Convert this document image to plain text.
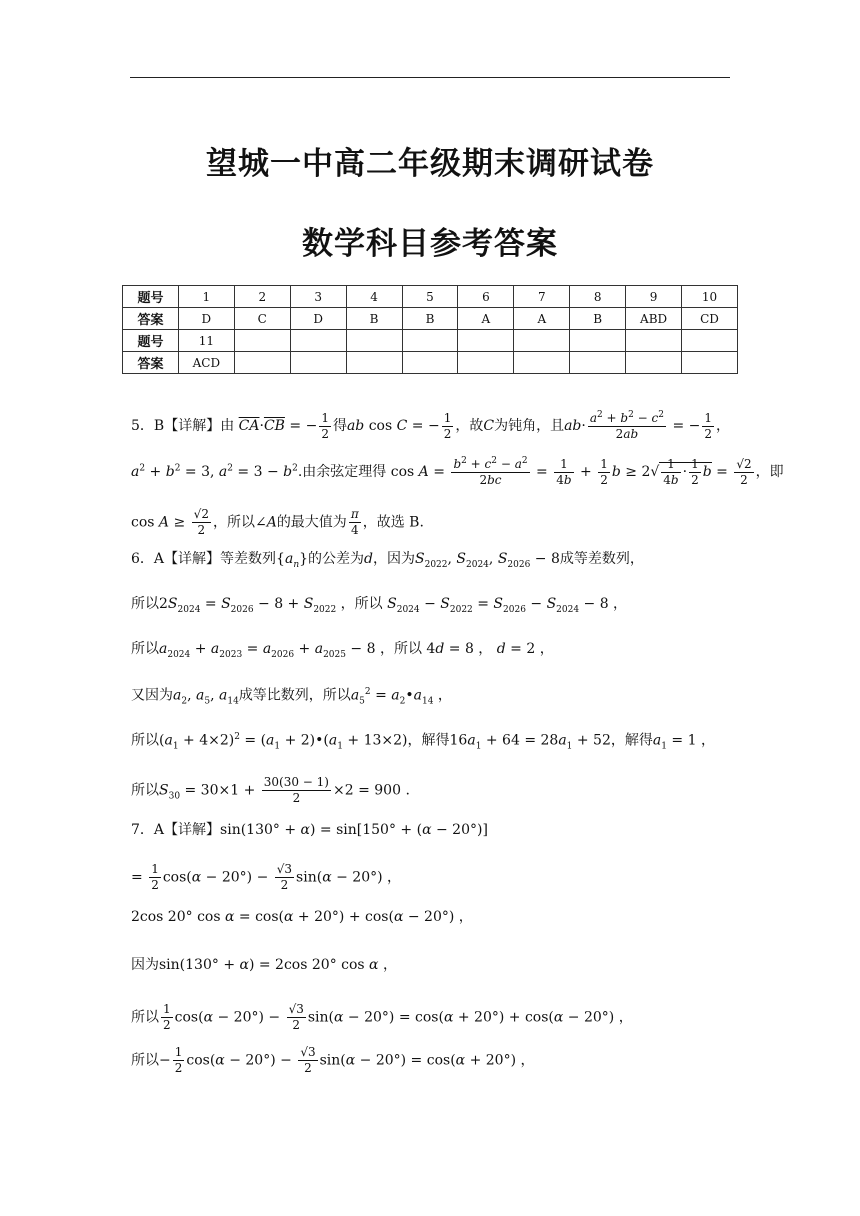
望城一中高二年级期末调研试卷
数学科目参考答案
题号	1	2	3	4	5	6	7	8	9	10
答案	D	C	D	B	B	A	A	B	ABD	CD
题号	11									
答案	ACD									
5．B【详解】由 $\overline{CA}\cdot\overline{CB}$ = − $\frac{1}{2}$ 得ab cos C = − $\frac{1}{2}$ ，故C为钝角，且$ab\cdot \frac{a^2 + b^2 - c^2}{2ab}$ = − $\frac{1}{2}$ ，
$a^2 + b^2 = 3$, $a^2 = 3 - b^2$.由余弦定理得 $\cos A = \frac{b^2 + c^2 - a^2}{2bc} = \frac{1}{4b} + \frac{1}{2}$ $b \ge 2√ \frac{1}{4b} \cdot \frac{1}{2}$ $b = \frac{√2}{2}$ ，即
$\cos A \ge \frac{√2}{2}$ ，所以∠A的最大值为 $\frac{\pi}{4}$ ，故选 B.
6．A【详解】等差数列$\{a_n\}$的公差为d，因为$S_{2022}$, $S_{2024}$, $S_{2026} - 8$成等差数列，
所以$2S_{2024} = S_{2026} - 8 + S_{2022}$ ，所以 $S_{2024} - S_{2022} = S_{2026} - S_{2024} - 8$ ，
所以$a_{2024} + a_{2023} = a_{2026} + a_{2025} - 8$ ，所以 4d = 8 ， d = 2 ，
又因为$a_2$, $a_5$, $a_{14}$成等比数列，所以$a_5^2$ = $a_2•a_{14}$ ，
所以$(a_1 + 4\times 2)^2 = (a_1$ + $2)•(a_1 + 13\times 2)$，解得$16a_1 + 64 = 28a_1 + 52$，解得$a_1 = 1$ ，
所以$S_{30} = 30\times 1 + \frac{30(30 - 1)}{2} \times 2 = 900$ .
7．A【详解】sin(130° + α) = sin[150° + (α − 20°)]
= $\frac{1}{2} \cos(\alpha - 20^\circ) - \frac{√3}{2} \sin(\alpha - 20^\circ)$ ，
2cos 20° cos α = cos(α + 20°) + cos(α − 20°) ，
因为sin(130° + α) = 2cos 20° cos α ，
所以 $\frac{1}{2} \cos(\alpha - 20^\circ) - \frac{√3}{2} \sin(\alpha - 20^\circ) = \cos(\alpha + 20^\circ) + \cos(\alpha - 20^\circ)$ ，
所以− $\frac{1}{2} \cos(\alpha - 20^\circ) - \frac{√3}{2} \sin(\alpha - 20^\circ) = \cos(\alpha + 20^\circ)$ ，
